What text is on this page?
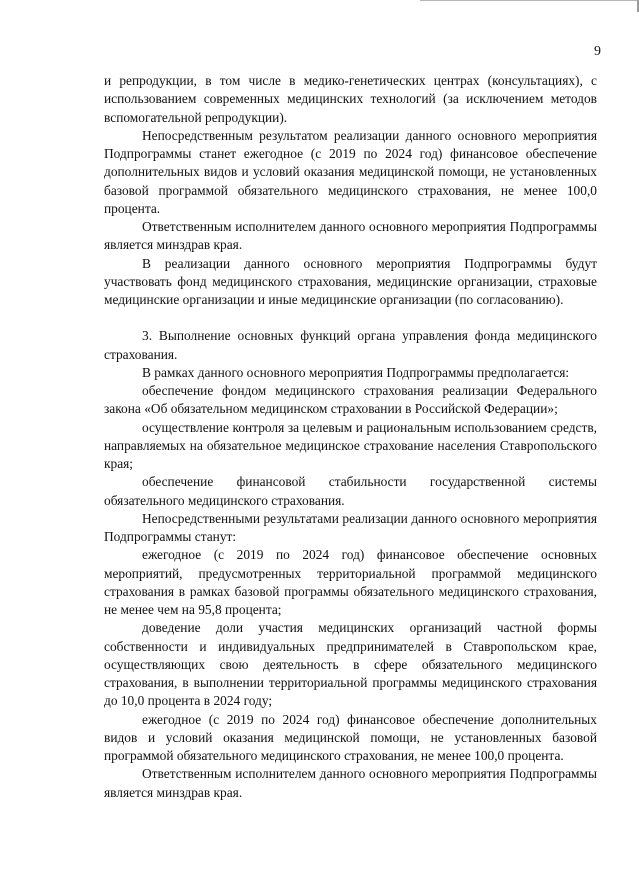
9

и репродукции, в том числе в медико-генетических центрах (консультациях), с использованием современных медицинских технологий (за исключением методов вспомогательной репродукции).

Непосредственным результатом реализации данного основного мероприятия Подпрограммы станет ежегодное (с 2019 по 2024 год) финансовое обеспечение дополнительных видов и условий оказания медицинской помощи, не установленных базовой программой обязательного медицинского страхования, не менее 100,0 процента.

Ответственным исполнителем данного основного мероприятия Подпрограммы является минздрав края.

В реализации данного основного мероприятия Подпрограммы будут участвовать фонд медицинского страхования, медицинские организации, страховые медицинские организации и иные медицинские организации (по согласованию).

3. Выполнение основных функций органа управления фонда медицинского страхования.

В рамках данного основного мероприятия Подпрограммы предполагается:

обеспечение фондом медицинского страхования реализации Федерального закона «Об обязательном медицинском страховании в Российской Федерации»;

осуществление контроля за целевым и рациональным использованием средств, направляемых на обязательное медицинское страхование населения Ставропольского края;

обеспечение финансовой стабильности государственной системы обязательного медицинского страхования.

Непосредственными результатами реализации данного основного мероприятия Подпрограммы станут:

ежегодное (с 2019 по 2024 год) финансовое обеспечение основных мероприятий, предусмотренных территориальной программой медицинского страхования в рамках базовой программы обязательного медицинского страхования, не менее чем на 95,8 процента;

доведение доли участия медицинских организаций частной формы собственности и индивидуальных предпринимателей в Ставропольском крае, осуществляющих свою деятельность в сфере обязательного медицинского страхования, в выполнении территориальной программы медицинского страхования до 10,0 процента в 2024 году;

ежегодное (с 2019 по 2024 год) финансовое обеспечение дополнительных видов и условий оказания медицинской помощи, не установленных базовой программой обязательного медицинского страхования, не менее 100,0 процента.

Ответственным исполнителем данного основного мероприятия Подпрограммы является минздрав края.
